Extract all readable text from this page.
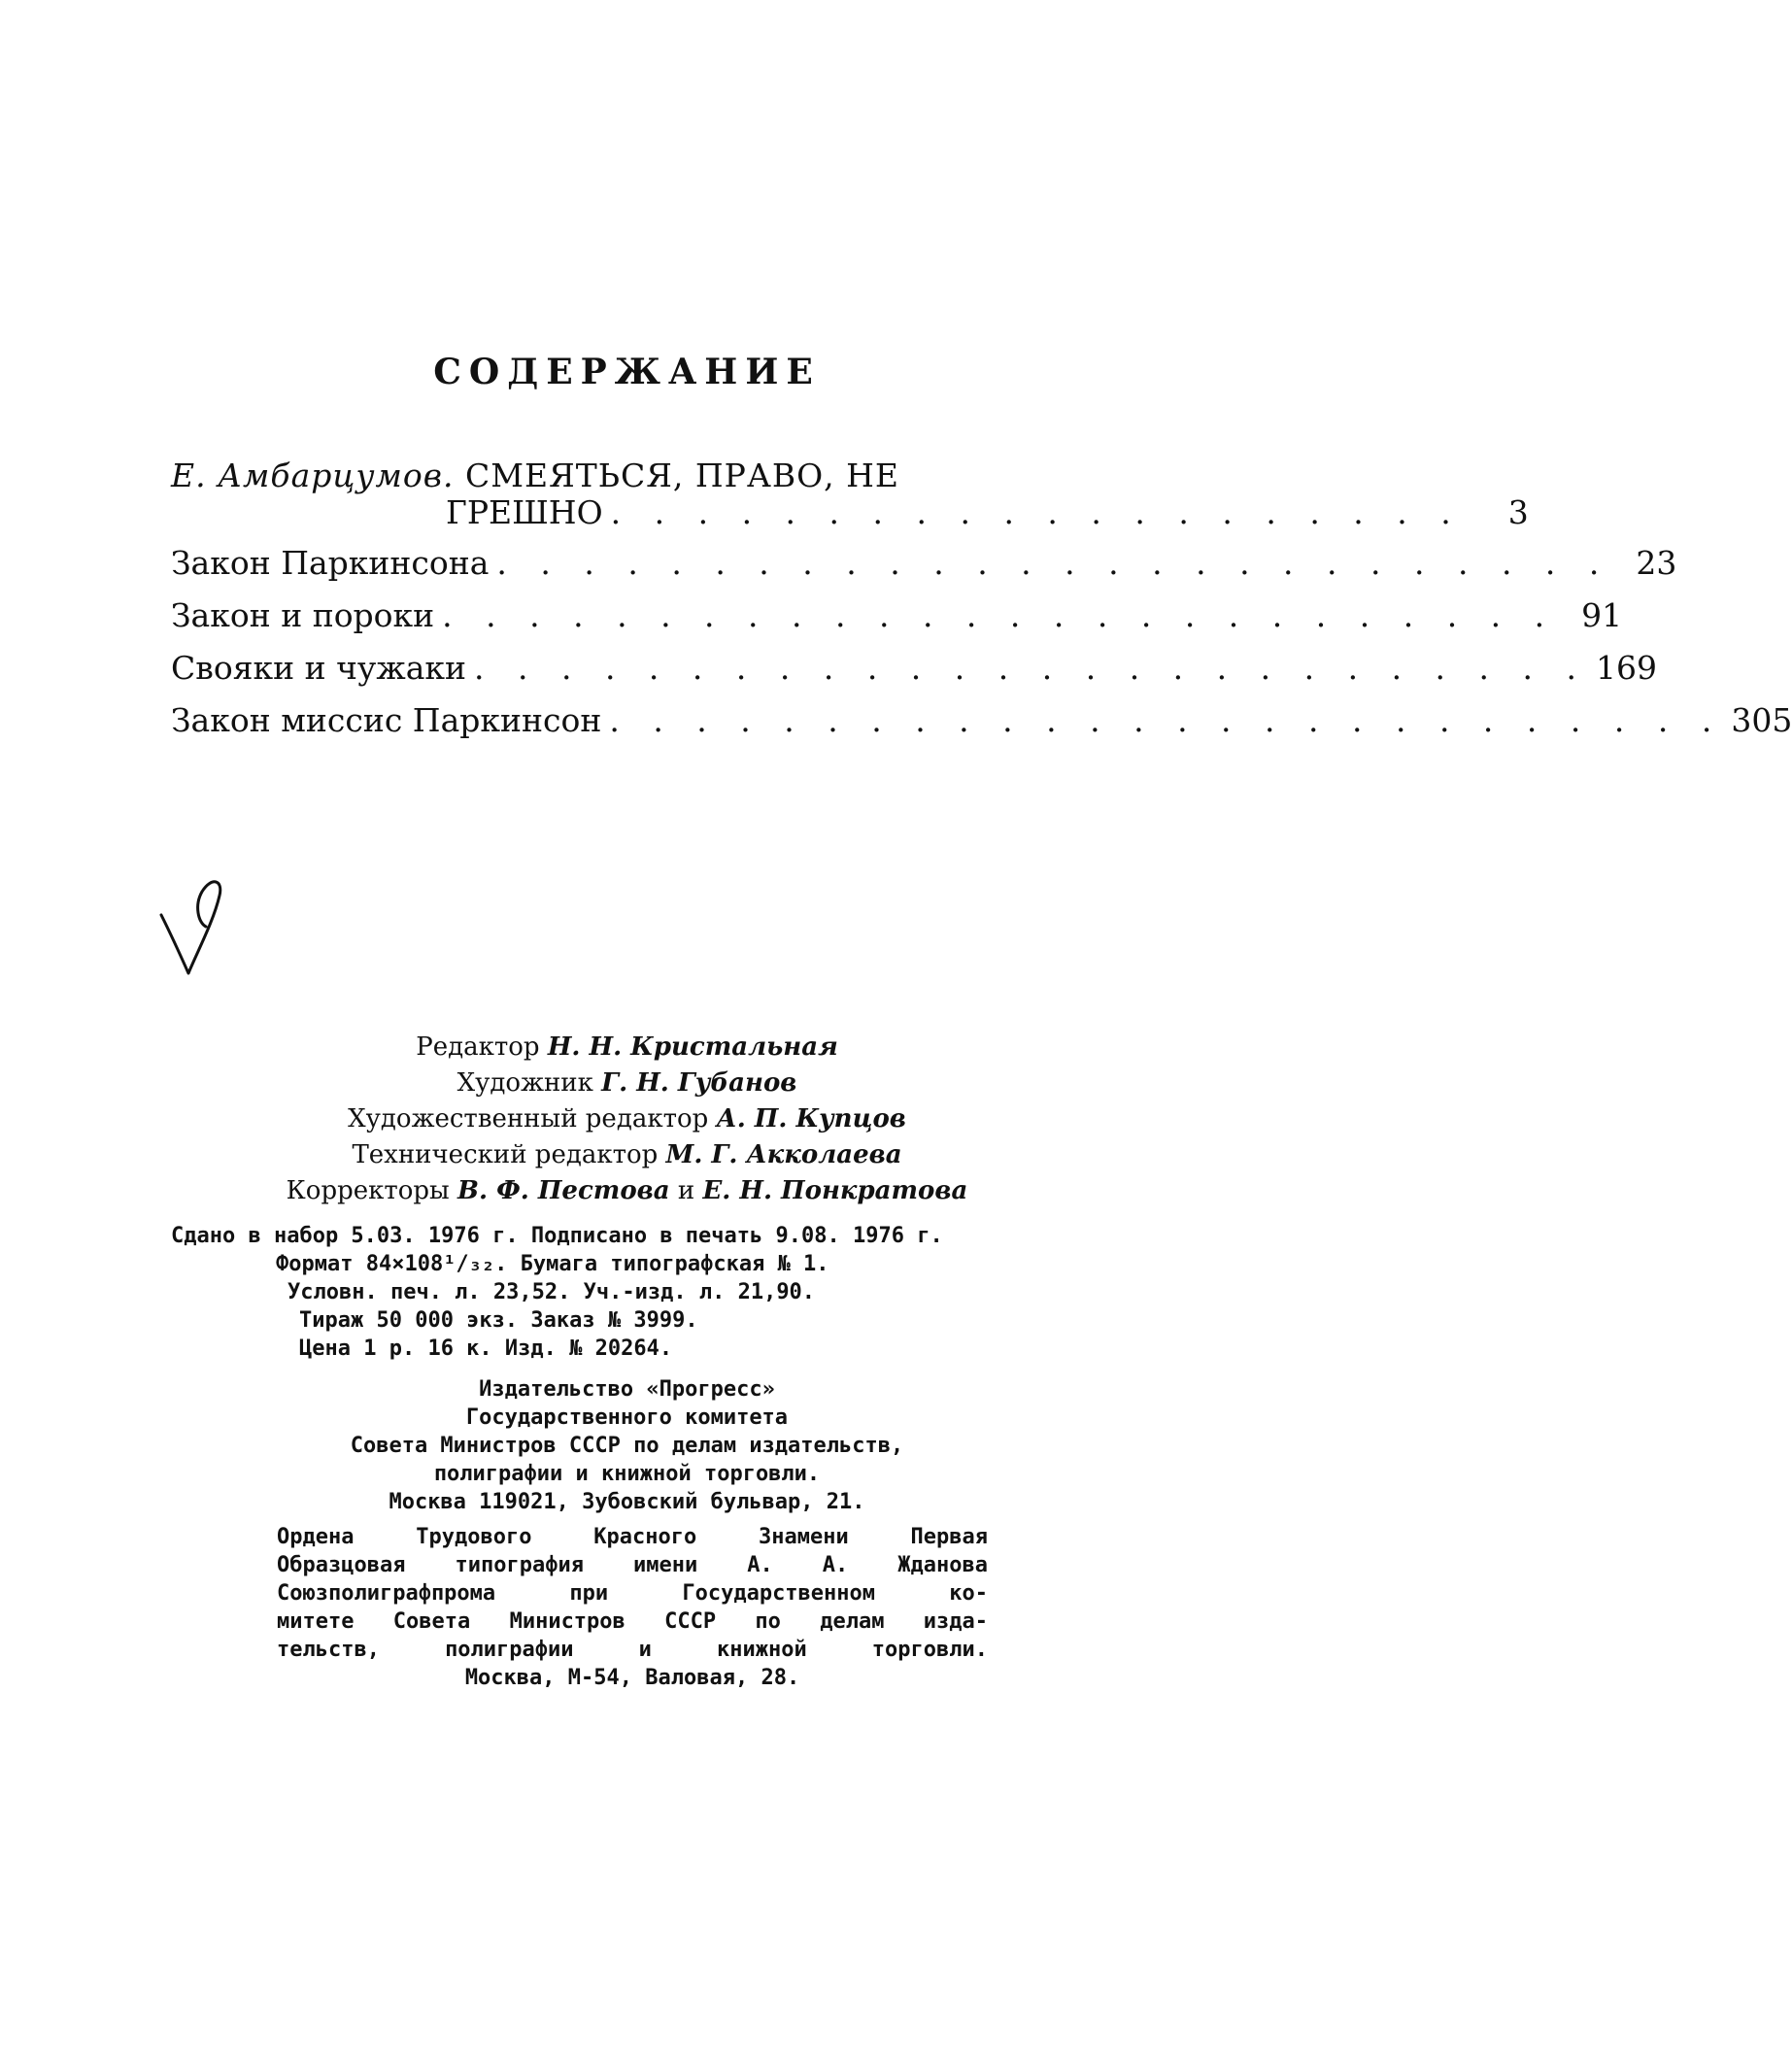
СОДЕРЖАНИЕ
Е. Амбарцумов. СМЕЯТЬСЯ, ПРАВО, НЕ
ГРЕШНО . . . . . . . . . . . . . . . . . . . .	3
Закон Паркинсона . . . . . . . . . . . . . . . . . . . . . . . . . . 23
Закон и пороки . . . . . . . . . . . . . . . . . . . . . . . . . . 91
Свояки и чужаки . . . . . . . . . . . . . . . . . . . . . . . . . . 169
Закон миссис Паркинсон . . . . . . . . . . . . . . . . . . . . . . . . . . 305
Редактор Н. Н. Кристальная
Художник Г. Н. Губанов
Художественный редактор А. П. Купцов
Технический редактор М. Г. Акколаева
Корректоры В. Ф. Пестова и Е. Н. Понкратова
Сдано в набор 5.03. 1976 г. Подписано в печать 9.08. 1976 г.
Формат 84×108¹/₃₂. Бумага типографская № 1.
Условн. печ. л. 23,52. Уч.-изд. л. 21,90.
Тираж 50 000 экз. Заказ № 3999.
Цена 1 р. 16 к. Изд. № 20264.
Издательство «Прогресс»
Государственного комитета
Совета Министров СССР по делам издательств,
полиграфии и книжной торговли.
Москва 119021, Зубовский бульвар, 21.
Ордена Трудового Красного Знамени Первая
Образцовая типография имени А. А. Жданова
Союзполиграфпрома при Государственном ко-
митете Совета Министров СССР по делам изда-
тельств, полиграфии и книжной торговли.
Москва, М-54, Валовая, 28.
